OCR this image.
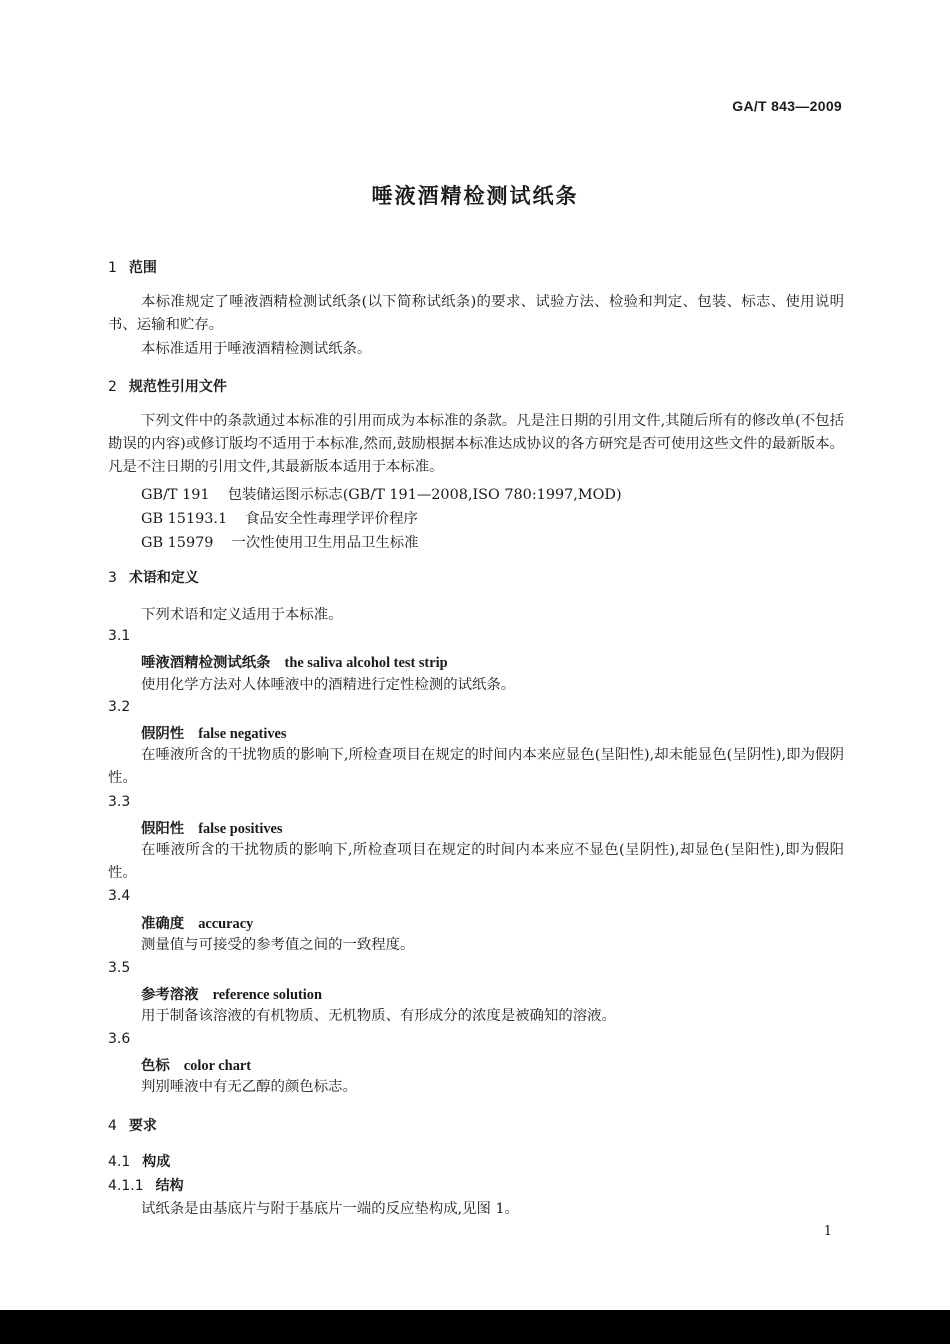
GA/T 843—2009
唾液酒精检测试纸条
1 范围

本标准规定了唾液酒精检测试纸条(以下简称试纸条)的要求、试验方法、检验和判定、包装、标志、使用说明书、运输和贮存。

本标准适用于唾液酒精检测试纸条。

2 规范性引用文件

下列文件中的条款通过本标准的引用而成为本标准的条款。凡是注日期的引用文件,其随后所有的修改单(不包括勘误的内容)或修订版均不适用于本标准,然而,鼓励根据本标准达成协议的各方研究是否可使用这些文件的最新版本。凡是不注日期的引用文件,其最新版本适用于本标准。

GB/T 191 包装储运图示标志(GB/T 191—2008,ISO 780:1997,MOD)
GB 15193.1 食品安全性毒理学评价程序
GB 15979 一次性使用卫生用品卫生标准
3 术语和定义
下列术语和定义适用于本标准。
3.1
唾液酒精检测试纸条 the saliva alcohol test strip

使用化学方法对人体唾液中的酒精进行定性检测的试纸条。

3.2
假阴性 false negatives

在唾液所含的干扰物质的影响下,所检查项目在规定的时间内本来应显色(呈阳性),却未能显色(呈阴性),即为假阴性。

3.3
假阳性 false positives

在唾液所含的干扰物质的影响下,所检查项目在规定的时间内本来应不显色(呈阴性),却显色(呈阳性),即为假阳性。

3.4
准确度 accuracy

测量值与可接受的参考值之间的一致程度。

3.5
参考溶液 reference solution

用于制备该溶液的有机物质、无机物质、有形成分的浓度是被确知的溶液。

3.6
色标 color chart

判别唾液中有无乙醇的颜色标志。

4 要求
4.1 构成
4.1.1 结构
试纸条是由基底片与附于基底片一端的反应垫构成,见图 1。
1
